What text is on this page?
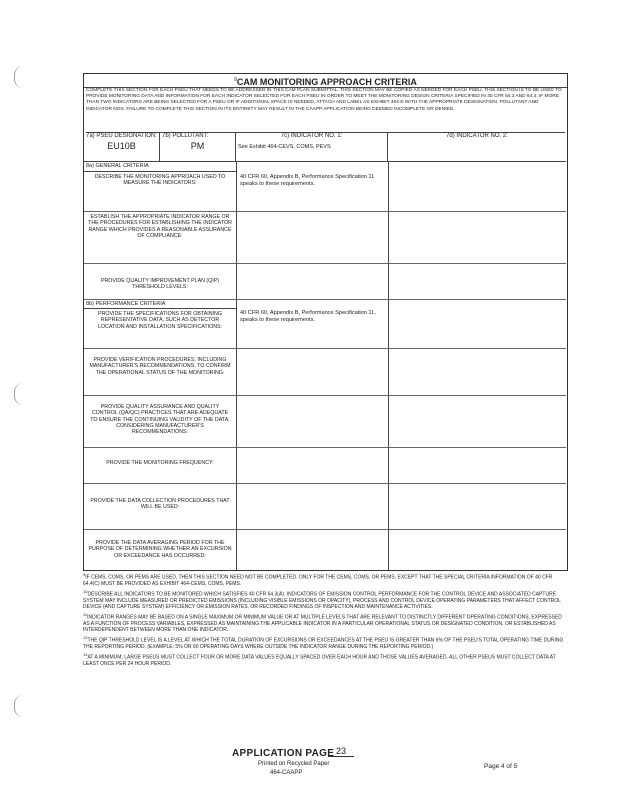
$^9$CAM MONITORING APPROACH CRITERIA
COMPLETE THIS SECTION FOR EACH PSEU THAT NEEDS TO BE ADDRESSED IN THIS CAM PLAN SUBMITTAL. THIS SECTION MAY BE COPIED AS NEEDED FOR EACH PSEU. THIS SECTION IS TO BE USED TO PROVIDE MONITORING DATA AND INFORMATION FOR EACH INDICATOR SELECTED FOR EACH PSEU IN ORDER TO MEET THE MONITORING DESIGN CRITERIA SPECIFIED IN 40 CFR 64.3 AND 64.4. IF MORE THAN TWO INDICATORS ARE BEING SELECTED FOR A PSEU OR IF ADDITIONAL SPACE IS NEEDED, ATTACH AND LABEL AS EXHIBIT 464-E WITH THE APPROPRIATE DESIGNATION, POLLUTANT AND INDICATOR NOS. FAILURE TO COMPLETE THIS SECTION IN ITS ENTIRETY MAY RESULT IN THE CAAPP APPLICATION BEING DEEMED INCOMPLETE OR DENIED.
7a) PSEU DESIGNATION:
EU10B
7b) POLLUTANT:
PM
7c) INDICATOR NO. 1:
See Exhibit 464-CEVS, COMS, PEVS
7d) INDICATOR NO. 2:
8a) GENERAL CRITERIA
DESCRIBE THE MONITORING APPROACH USED TO MEASURE THE INDICATORS:
40 CFR 60, Appendix B, Performance Specification 11 speaks to these requirements.
ESTABLISH THE APPROPRIATE INDICATOR RANGE OR THE PROCEDURES FOR ESTABLISHING THE INDICATOR RANGE WHICH PROVIDES A REASONABLE ASSURANCE OF COMPLIANCE:
PROVIDE QUALITY IMPROVEMENT PLAN (QIP) THRESHOLD LEVELS:
8b) PERFORMANCE CRITERIA
PROVIDE THE SPECIFICATIONS FOR OBTAINING REPRESENTATIVE DATA, SUCH AS DETECTOR LOCATION AND INSTALLATION SPECIFICATIONS:
40 CFR 60, Appendix B, Performance Specification 11, speaks to these requirements.
PROVIDE VERIFICATION PROCEDURES, INCLUDING MANUFACTURER'S RECOMMENDATIONS, TO CONFIRM THE OPERATIONAL STATUS OF THE MONITORING:
PROVIDE QUALITY ASSURANCE AND QUALITY CONTROL (QA/QC) PRACTICES THAT ARE ADEQUATE TO ENSURE THE CONTINUING VALIDITY OF THE DATA, CONSIDERING MANUFACTURER'S RECOMMENDATIONS:
PROVIDE THE MONITORING FREQUENCY:
PROVIDE THE DATA COLLECTION PROCEDURES THAT WILL BE USED:
PROVIDE THE DATA AVERAGING PERIOD FOR THE PURPOSE OF DETERMINING WHETHER AN EXCURSION OR EXCEEDANCE HAS OCCURRED:

$^9$IF CEMS, COMS, OR PEMS ARE USED, THEN THIS SECTION NEED NOT BE COMPLETED. ONLY FOR THE CEMS, COMS, OR PEMS, EXCEPT THAT THE SPECIAL CRITERIA INFORMATION OF 40 CFR 64.4(C) MUST BE PROVIDED AS EXHIBIT 464-CEMS, COMS, PEMS.

$^{10}$DESCRIBE ALL INDICATORS TO BE MONITORED WHICH SATISFIES 40 CFR 64.3(A). INDICATORS OF EMISSION CONTROL PERFORMANCE FOR THE CONTROL DEVICE AND ASSOCIATED CAPTURE SYSTEM MAY INCLUDE MEASURED OR PREDICTED EMISSIONS (INCLUDING VISIBLE EMISSIONS OR OPACITY), PROCESS AND CONTROL DEVICE OPERATING PARAMETERS THAT AFFECT CONTROL DEVICE (AND CAPTURE SYSTEM) EFFICIENCY OR EMISSION RATES, OR RECORDED FINDINGS OF INSPECTION AND MAINTENANCE ACTIVITIES.

$^{11}$INDICATOR RANGES MAY BE BASED ON A SINGLE MAXIMUM OR MINIMUM VALUE OR AT MULTIPLE LEVELS THAT ARE RELEVANT TO DISTINCTLY DIFFERENT OPERATING CONDITIONS, EXPRESSED AS A FUNCTION OF PROCESS VARIABLES, EXPRESSED AS MAINTAINING THE APPLICABLE INDICATOR IN A PARTICULAR OPERATIONAL STATUS OR DESIGNATED CONDITION, OR ESTABLISHED AS INTERDEPENDENT BETWEEN MORE THAN ONE INDICATOR.

$^{12}$THE QIP THRESHOLD LEVEL IS A LEVEL AT WHICH THE TOTAL DURATION OF EXCURSIONS OR EXCEEDANCES AT THE PSEU IS GREATER THAN 6% OF THE PSEU'S TOTAL OPERATING TIME DURING THE REPORTING PERIOD. (EXAMPLE: 5% OR 90 OPERATING DAYS WHERE OUTSIDE THE INDICATOR RANGE DURING THE REPORTING PERIOD.)

$^{13}$AT A MINIMUM, LARGE PSEUS MUST COLLECT FOUR OR MORE DATA VALUES EQUALLY SPACED OVER EACH HOUR AND THOSE VALUES AVERAGED. ALL OTHER PSEUS MUST COLLECT DATA AT LEAST ONCE PER 24 HOUR PERIOD.

APPLICATION PAGE 23
Printed on Recycled Paper
464-CAAPP
Page 4 of 5
